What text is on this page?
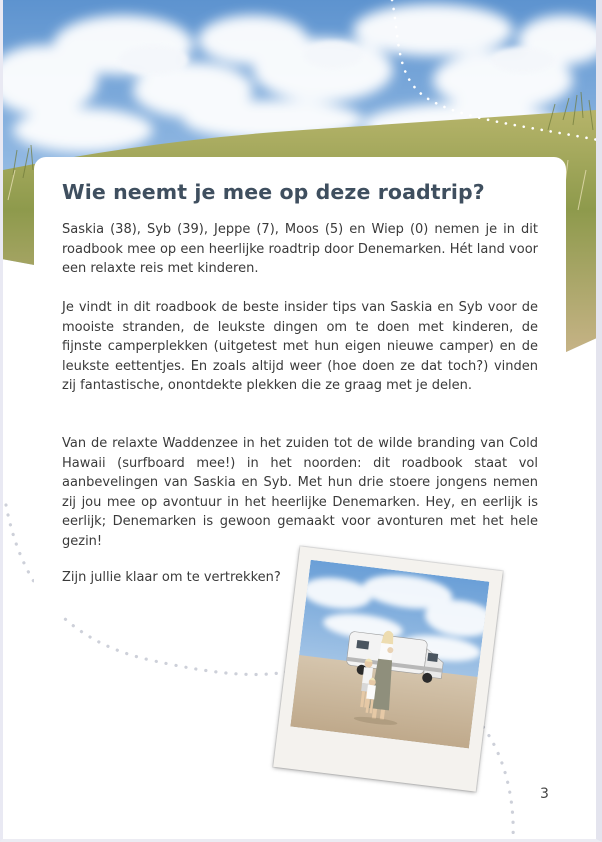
Wie neemt je mee op deze roadtrip?

Saskia (38), Syb (39), Jeppe (7), Moos (5) en Wiep (0) nemen je in dit roadbook mee op een heerlijke roadtrip door Denemarken. Hét land voor een relaxte reis met kinderen.

Je vindt in dit roadbook de beste insider tips van Saskia en Syb voor de mooiste stranden, de leukste dingen om te doen met kinderen, de fijnste camperplekken (uitgetest met hun eigen nieuwe camper) en de leukste eettentjes. En zoals altijd weer (hoe doen ze dat toch?) vinden zij fantastische, onontdekte plekken die ze graag met je delen.

Van de relaxte Waddenzee in het zuiden tot de wilde branding van Cold Hawaii (surfboard mee!) in het noorden: dit roadbook staat vol aanbevelingen van Saskia en Syb. Met hun drie stoere jongens nemen zij jou mee op avontuur in het heerlijke Denemarken. Hey, en eerlijk is eerlijk; Denemarken is gewoon gemaakt voor avonturen met het hele gezin!

Zijn jullie klaar om te vertrekken?

3
